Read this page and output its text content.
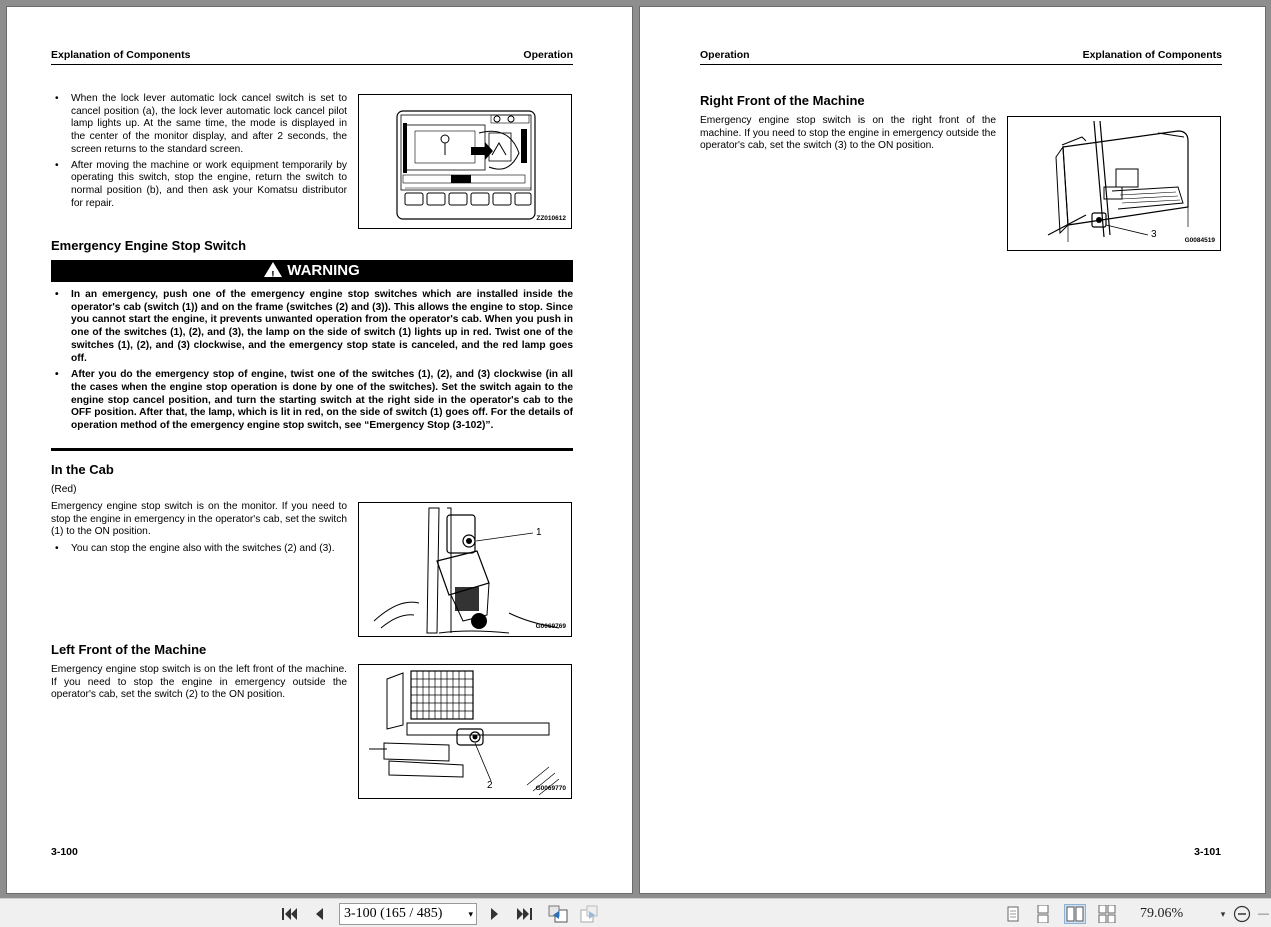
Explanation of Components	Operation
• When the lock lever automatic lock cancel switch is set to cancel position (a), the lock lever automatic lock cancel pilot lamp lights up. At the same time, the mode is displayed in the center of the monitor display, and after 2 seconds, the screen returns to the standard screen.
• After moving the machine or work equipment temporarily by operating this switch, stop the engine, return the switch to normal position (b), and then ask your Komatsu distributor for repair.
ZZ010612
Emergency Engine Stop Switch
! WARNING
• In an emergency, push one of the emergency engine stop switches which are installed inside the operator's cab (switch (1)) and on the frame (switches (2) and (3)). This allows the engine to stop. Since you cannot start the engine, it prevents unwanted operation from the operator's cab. When you push in one of the switches (1), (2), and (3), the lamp on the side of switch (1) lights up in red. Twist one of the switches (1), (2), and (3) clockwise, and the emergency stop state is canceled, and the red lamp goes off.
• After you do the emergency stop of engine, twist one of the switches (1), (2), and (3) clockwise (in all the cases when the engine stop operation is done by one of the switches). Set the switch again to the engine stop cancel position, and turn the starting switch at the right side in the operator's cab to the OFF position. After that, the lamp, which is lit in red, on the side of switch (1) goes off. For the details of operation method of the emergency engine stop switch, see “Emergency Stop (3-102)”.
In the Cab
(Red)
Emergency engine stop switch is on the monitor. If you need to stop the engine in emergency in the operator's cab, set the switch (1) to the ON position.
• You can stop the engine also with the switches (2) and (3).
1
G0069769
Left Front of the Machine
Emergency engine stop switch is on the left front of the machine. If you need to stop the engine in emergency outside the operator's cab, set the switch (2) to the ON position.
2	G0069770
3-100
Operation	Explanation of Components
Right Front of the Machine
Emergency engine stop switch is on the right front of the machine. If you need to stop the engine in emergency outside the operator's cab, set the switch (3) to the ON position.
3
G0084519
3-101
3-100 (165 / 485)	▾	79.06%	▾	—
